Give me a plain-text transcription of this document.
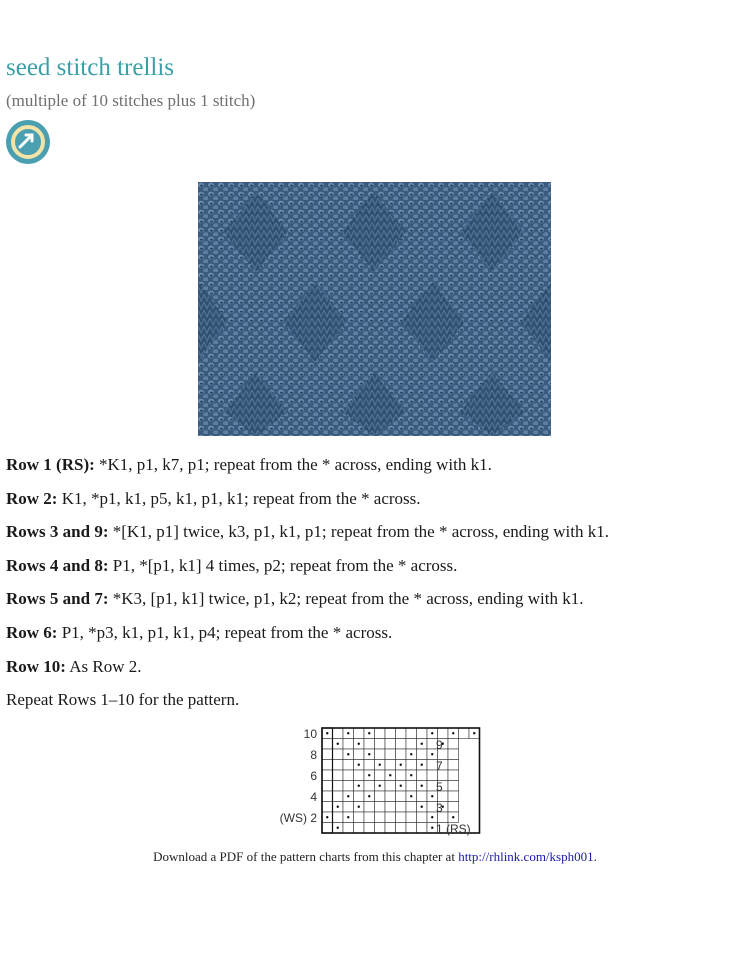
seed stitch trellis

(multiple of 10 stitches plus 1 stitch)

Row 1 (RS): *K1, p1, k7, p1; repeat from the * across, ending with k1.

Row 2: K1, *p1, k1, p5, k1, p1, k1; repeat from the * across.

Rows 3 and 9: *[K1, p1] twice, k3, p1, k1, p1; repeat from the * across, ending with k1.

Rows 4 and 8: P1, *[p1, k1] 4 times, p2; repeat from the * across.

Rows 5 and 7: *K3, [p1, k1] twice, p1, k2; repeat from the * across, ending with k1.

Row 6: P1, *p3, k1, p1, k1, p4; repeat from the * across.

Row 10: As Row 2.

Repeat Rows 1–10 for the pattern.

10
8
6
4
(WS) 2
9
7
5
3
1 (RS)
Download a PDF of the pattern charts from this chapter at http://rhlink.com/ksph001.
